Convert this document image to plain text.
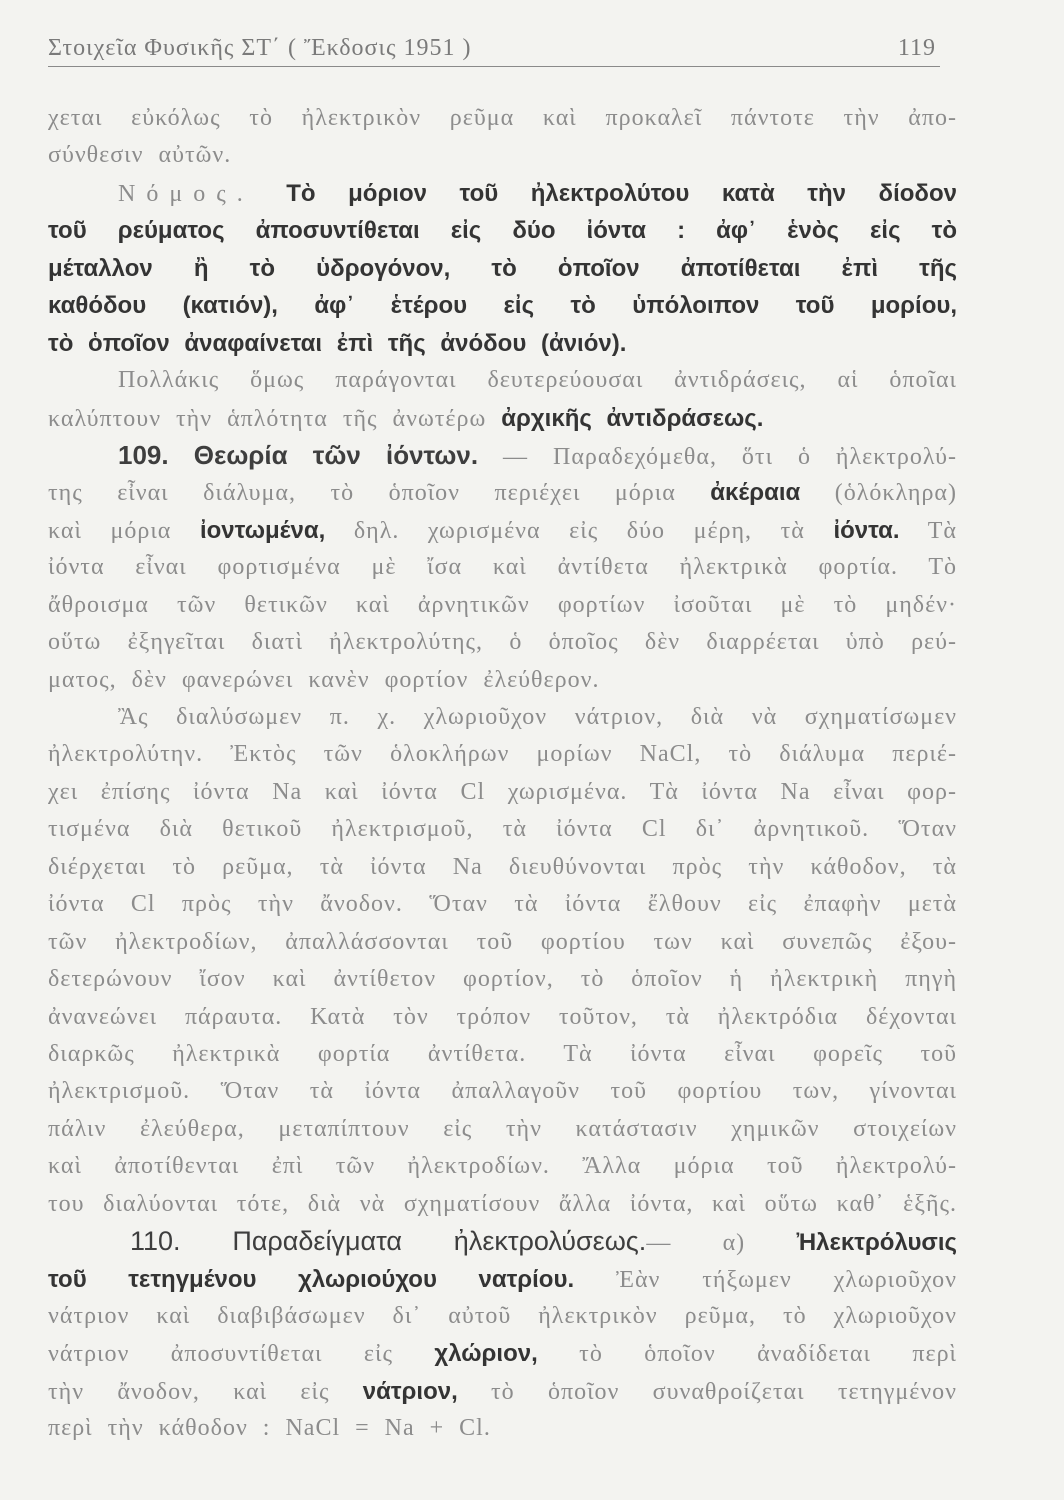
Στοιχεῖα Φυσικῆς ΣΤ΄ ( Ἔκδοσις 1951 )	119
χεται εὐκόλως τὸ ἠλεκτρικὸν ρεῦμα καὶ προκαλεῖ πάντοτε τὴν ἀπο-
σύνθεσιν αὐτῶν.
Νόμος. Τὸ μόριον τοῦ ἠλεκτρολύτου κατὰ τὴν δίοδον
τοῦ ρεύματος ἀποσυντίθεται εἰς δύο ἰόντα : ἀφ᾽ ἑνὸς εἰς τὸ
μέταλλον ἢ τὸ ὑδρογόνον, τὸ ὁποῖον ἀποτίθεται ἐπὶ τῆς
καθόδου (κατιόν), ἀφ᾽ ἑτέρου εἰς τὸ ὑπόλοιπον τοῦ μορίου,
τὸ ὁποῖον ἀναφαίνεται ἐπὶ τῆς ἀνόδου (ἀνιόν).
Πολλάκις ὅμως παράγονται δευτερεύουσαι ἀντιδράσεις, αἱ ὁποῖαι
καλύπτουν τὴν ἁπλότητα τῆς ἀνωτέρω ἀρχικῆς ἀντιδράσεως.
109. Θεωρία τῶν ἰόντων. — Παραδεχόμεθα, ὅτι ὁ ἠλεκτρολύ-
της εἶναι διάλυμα, τὸ ὁποῖον περιέχει μόρια ἀκέραια (ὁλόκληρα)
καὶ μόρια ἰοντωμένα, δηλ. χωρισμένα εἰς δύο μέρη, τὰ ἰόντα. Τὰ
ἰόντα εἶναι φορτισμένα μὲ ἴσα καὶ ἀντίθετα ἠλεκτρικὰ φορτία. Τὸ
ἄθροισμα τῶν θετικῶν καὶ ἀρνητικῶν φορτίων ἰσοῦται μὲ τὸ μηδέν·
οὕτω ἐξηγεῖται διατὶ ἠλεκτρολύτης, ὁ ὁποῖος δὲν διαρρέεται ὑπὸ ρεύ-
ματος, δὲν φανερώνει κανὲν φορτίον ἐλεύθερον.
Ἂς διαλύσωμεν π. χ. χλωριοῦχον νάτριον, διὰ νὰ σχηματίσωμεν
ἠλεκτρολύτην. Ἐκτὸς τῶν ὁλοκλήρων μορίων NaCl, τὸ διάλυμα περιέ-
χει ἐπίσης ἰόντα Na καὶ ἰόντα Cl χωρισμένα. Τὰ ἰόντα Na εἶναι φορ-
τισμένα διὰ θετικοῦ ἠλεκτρισμοῦ, τὰ ἰόντα Cl δι᾽ ἀρνητικοῦ. Ὅταν
διέρχεται τὸ ρεῦμα, τὰ ἰόντα Na διευθύνονται πρὸς τὴν κάθοδον, τὰ
ἰόντα Cl πρὸς τὴν ἄνοδον. Ὅταν τὰ ἰόντα ἔλθουν εἰς ἐπαφὴν μετὰ
τῶν ἠλεκτροδίων, ἀπαλλάσσονται τοῦ φορτίου των καὶ συνεπῶς ἐξου-
δετερώνουν ἴσον καὶ ἀντίθετον φορτίον, τὸ ὁποῖον ἡ ἠλεκτρικὴ πηγὴ
ἀνανεώνει πάραυτα. Κατὰ τὸν τρόπον τοῦτον, τὰ ἠλεκτρόδια δέχονται
διαρκῶς ἠλεκτρικὰ φορτία ἀντίθετα. Τὰ ἰόντα εἶναι φορεῖς τοῦ
ἠλεκτρισμοῦ. Ὅταν τὰ ἰόντα ἀπαλλαγοῦν τοῦ φορτίου των, γίνονται
πάλιν ἐλεύθερα, μεταπίπτουν εἰς τὴν κατάστασιν χημικῶν στοιχείων
καὶ ἀποτίθενται ἐπὶ τῶν ἠλεκτροδίων. Ἄλλα μόρια τοῦ ἠλεκτρολύ-
του διαλύονται τότε, διὰ νὰ σχηματίσουν ἄλλα ἰόντα, καὶ οὕτω καθ᾽ ἑξῆς.
110. Παραδείγματα ἠλεκτρολύσεως.— α) Ἠλεκτρόλυσις
τοῦ τετηγμένου χλωριούχου νατρίου. Ἐὰν τήξωμεν χλωριοῦχον
νάτριον καὶ διαβιβάσωμεν δι᾽ αὐτοῦ ἠλεκτρικὸν ρεῦμα, τὸ χλωριοῦχον
νάτριον ἀποσυντίθεται εἰς χλώριον, τὸ ὁποῖον ἀναδίδεται περὶ
τὴν ἄνοδον, καὶ εἰς νάτριον, τὸ ὁποῖον συναθροίζεται τετηγμένον
περὶ τὴν κάθοδον : NaCl = Na + Cl.
